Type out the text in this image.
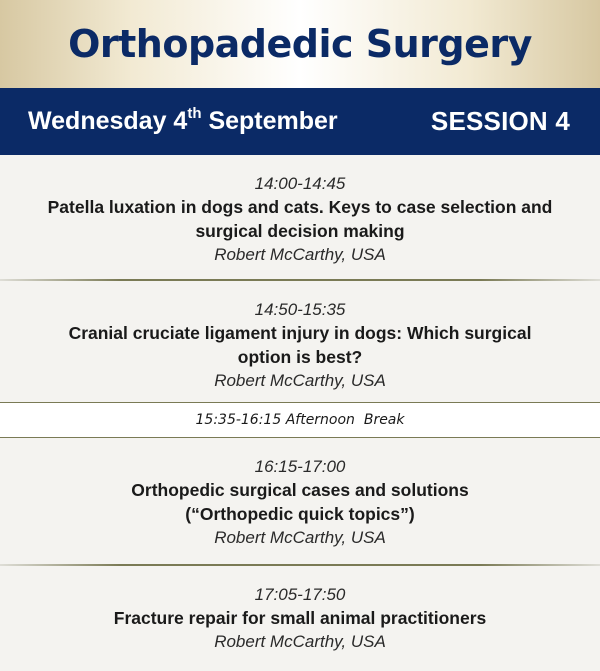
Orthopadedic Surgery
Wednesday 4th September	SESSION 4
14:00-14:45
Patella luxation in dogs and cats. Keys to case selection and surgical decision making
Robert McCarthy, USA
14:50-15:35
Cranial cruciate ligament injury in dogs: Which surgical option is best?
Robert McCarthy, USA
15:35-16:15 Afternoon  Break
16:15-17:00
Orthopedic surgical cases and solutions (“Orthopedic quick topics”)
Robert McCarthy, USA
17:05-17:50
Fracture repair for small animal practitioners
Robert McCarthy, USA
